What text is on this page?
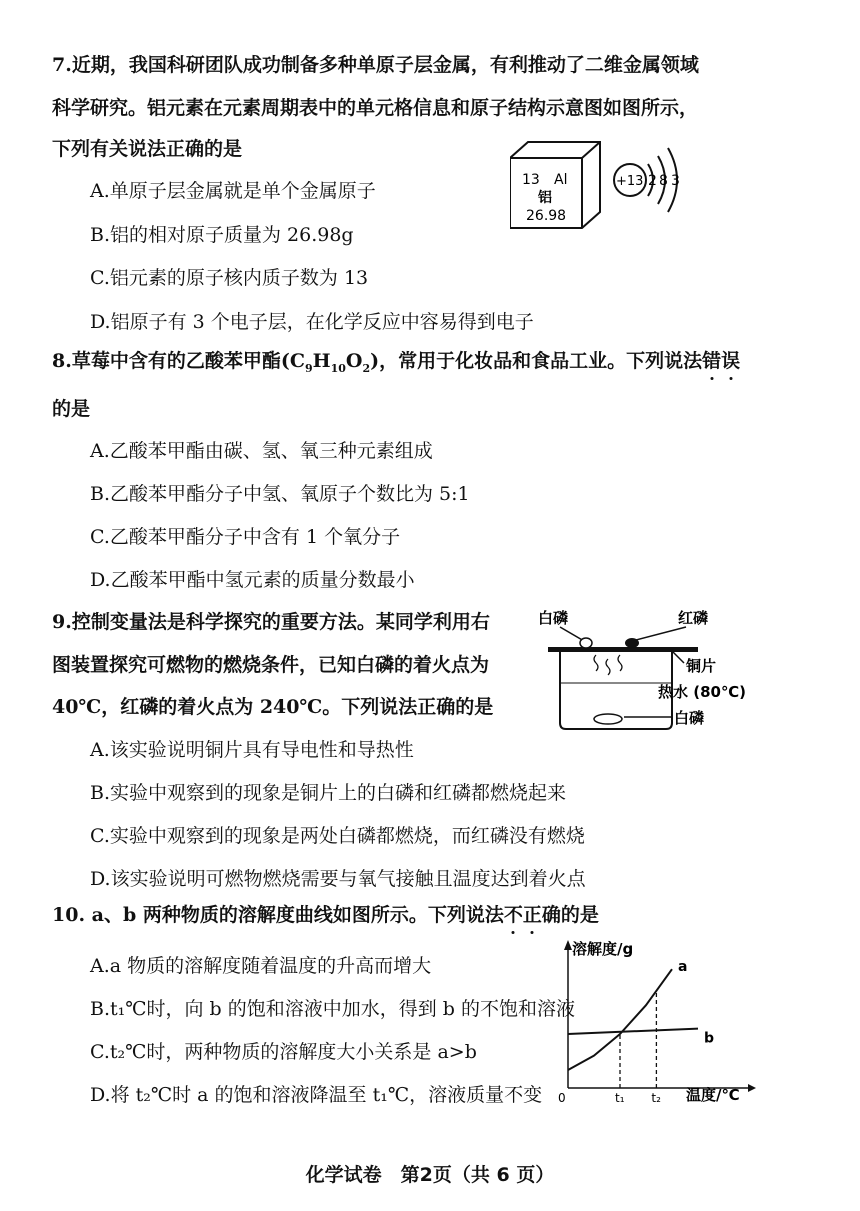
7.近期，我国科研团队成功制备多种单原子层金属，有利推动了二维金属领域
科学研究。铝元素在元素周期表中的单元格信息和原子结构示意图如图所示，
下列有关说法正确的是
A.单原子层金属就是单个金属原子
B.铝的相对原子质量为 26.98g
C.铝元素的原子核内质子数为 13
D.铝原子有 3 个电子层，在化学反应中容易得到电子
13 Al
铝
26.98
+13 2 8 3
8.草莓中含有的乙酸苯甲酯$(C_9H_{10}O_2)$，常用于化妆品和食品工业。下列说法错误
的是
A.乙酸苯甲酯由碳、氢、氧三种元素组成
B.乙酸苯甲酯分子中氢、氧原子个数比为 5:1
C.乙酸苯甲酯分子中含有 1 个氧分子
D.乙酸苯甲酯中氢元素的质量分数最小
9.控制变量法是科学探究的重要方法。某同学利用右
图装置探究可燃物的燃烧条件，已知白磷的着火点为
40℃，红磷的着火点为 240℃。下列说法正确的是
A.该实验说明铜片具有导电性和导热性
B.实验中观察到的现象是铜片上的白磷和红磷都燃烧起来
C.实验中观察到的现象是两处白磷都燃烧，而红磷没有燃烧
D.该实验说明可燃物燃烧需要与氧气接触且温度达到着火点
白磷	红磷
铜片
热水 (80℃)
白磷
10. a、b 两种物质的溶解度曲线如图所示。下列说法不正确的是
A.a 物质的溶解度随着温度的升高而增大
B.t₁℃时，向 b 的饱和溶液中加水，得到 b 的不饱和溶液
C.t₂℃时，两种物质的溶解度大小关系是 a>b
D.将 t₂℃时 a 的饱和溶液降温至 t₁℃，溶液质量不变
溶解度/g
温度/℃
a
b
0	t₁ t₂
化学试卷　第2页（共 6 页）
